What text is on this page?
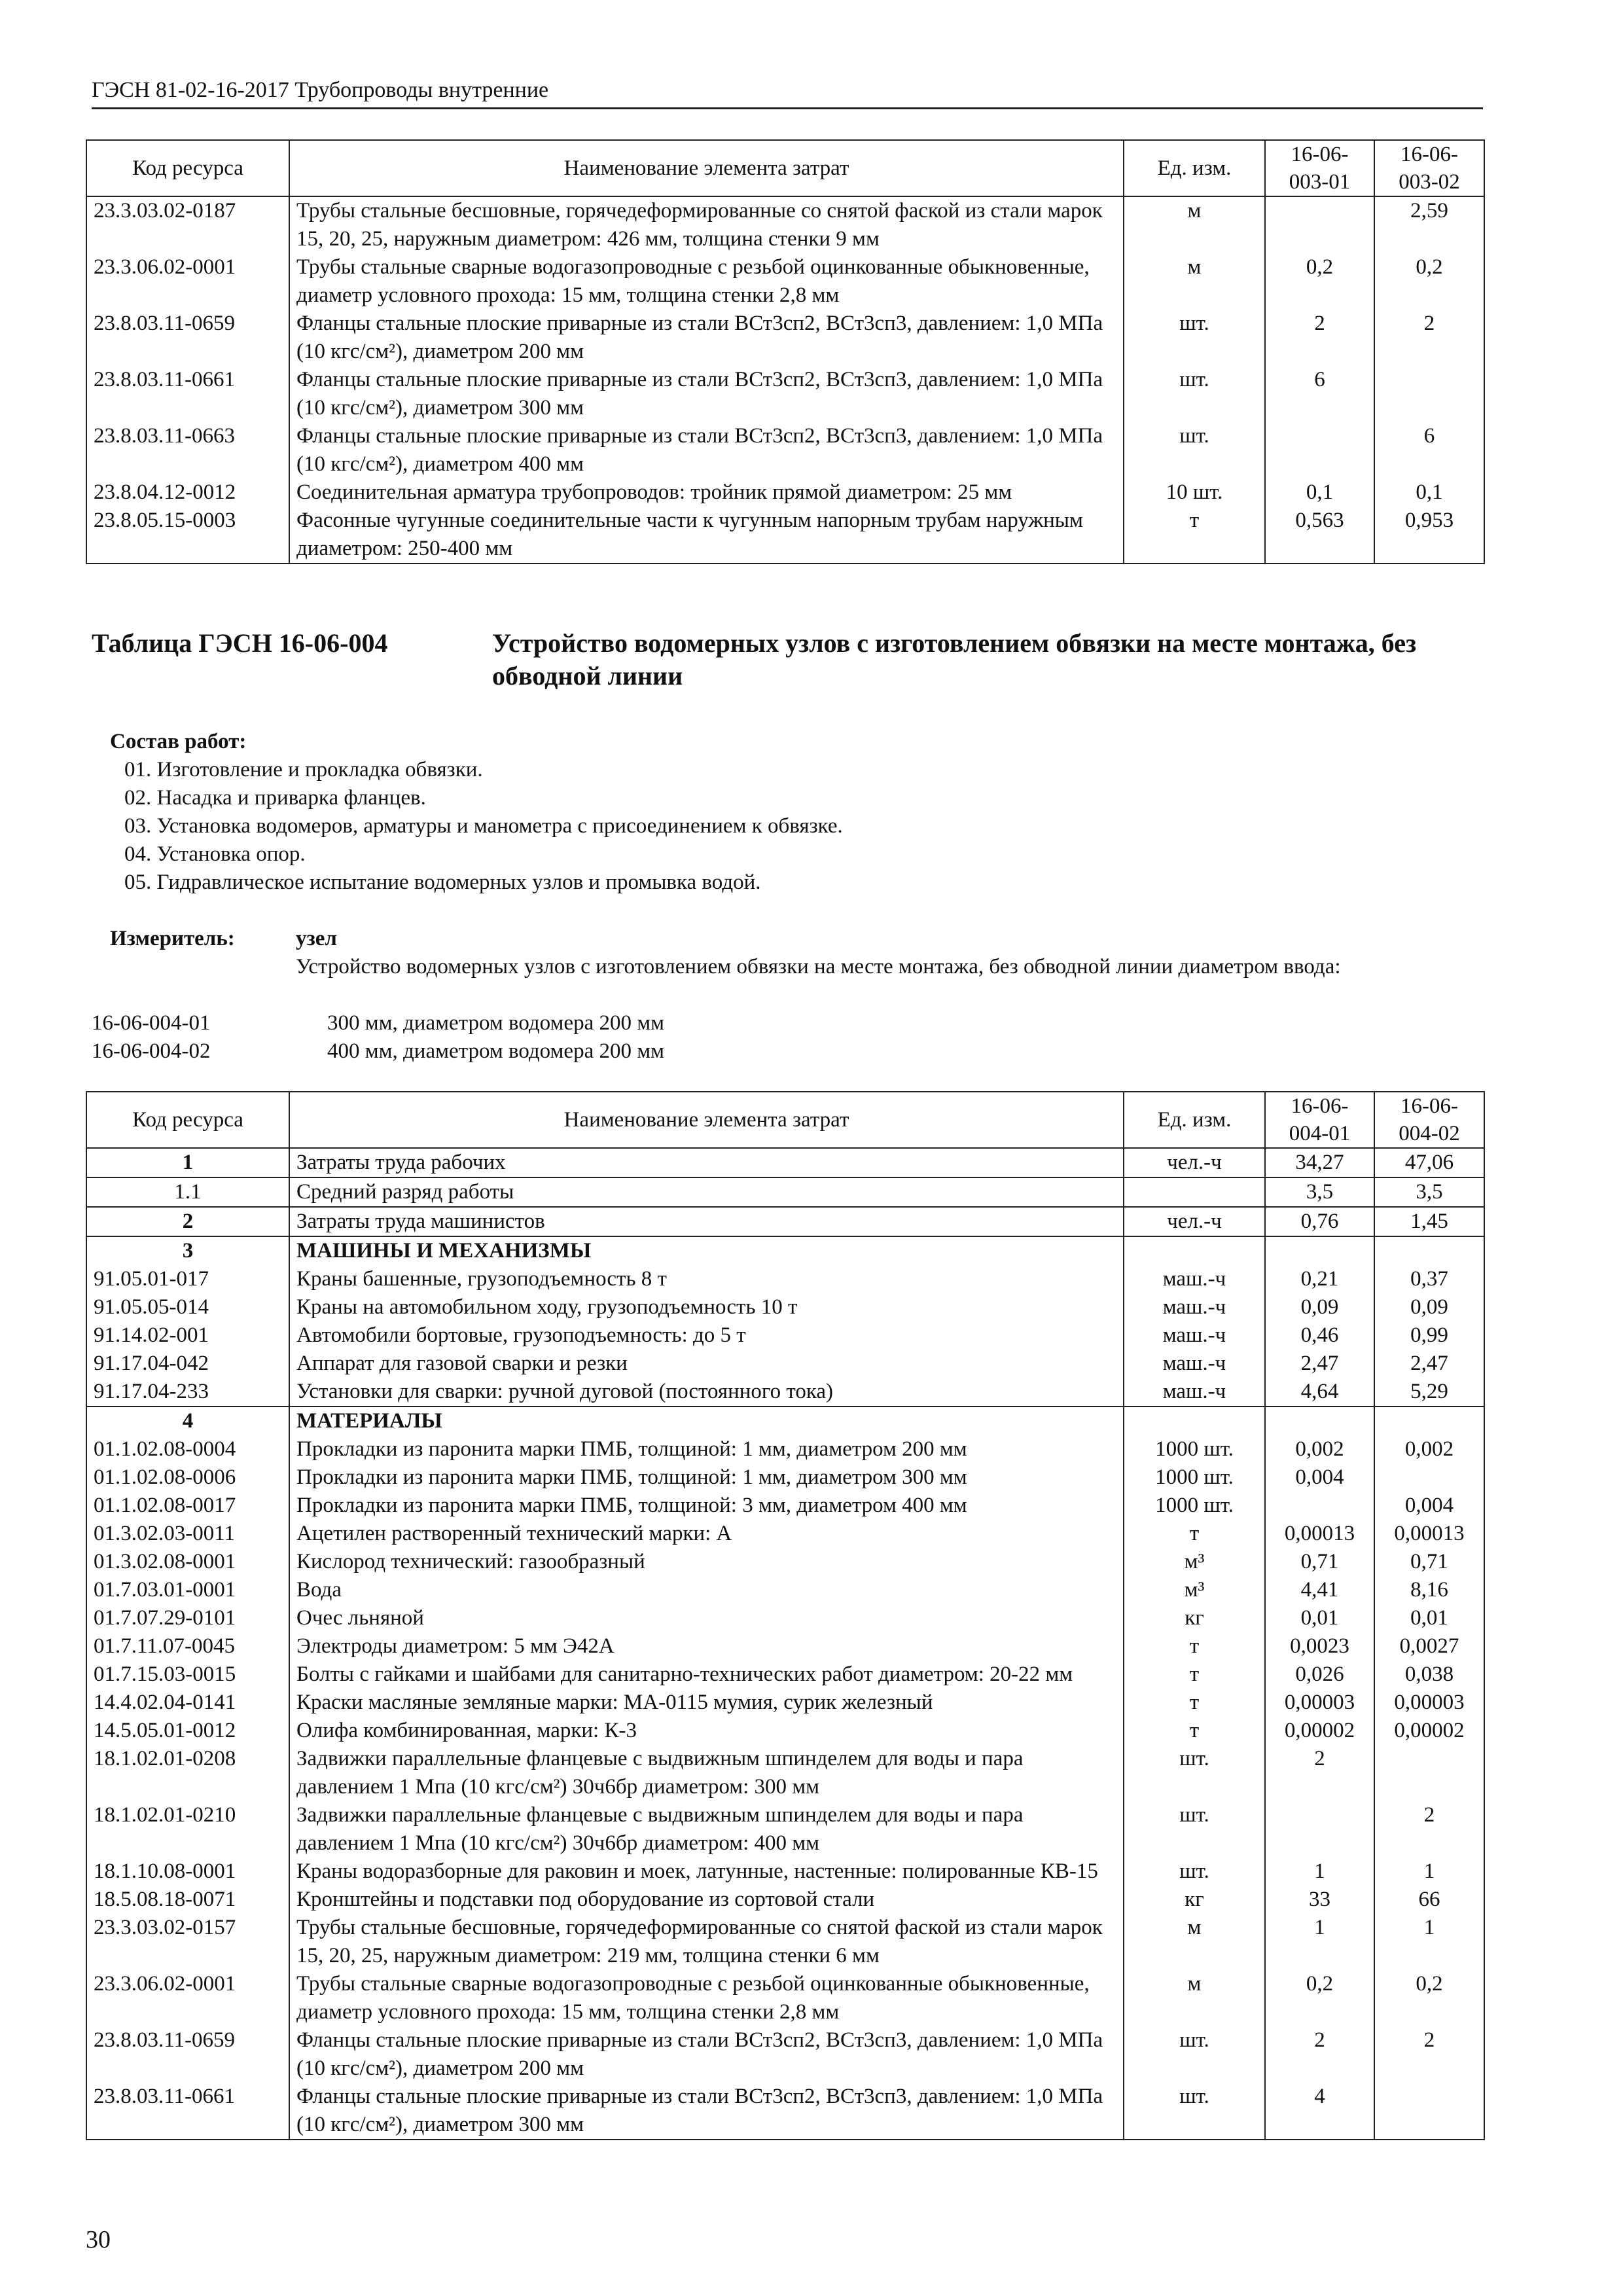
ГЭСН 81-02-16-2017 Трубопроводы внутренние
Код ресурса	Наименование элемента затрат	Ед. изм.	16-06-003-01	16-06-003-02
23.3.03.02-0187	Трубы стальные бесшовные, горячедеформированные со снятой фаской из стали марок 15, 20, 25, наружным диаметром: 426 мм, толщина стенки 9 мм	м		2,59
23.3.06.02-0001	Трубы стальные сварные водогазопроводные с резьбой оцинкованные обыкновенные, диаметр условного прохода: 15 мм, толщина стенки 2,8 мм	м	0,2	0,2
23.8.03.11-0659	Фланцы стальные плоские приварные из стали ВСт3сп2, ВСт3сп3, давлением: 1,0 МПа (10 кгс/см²), диаметром 200 мм	шт.	2	2
23.8.03.11-0661	Фланцы стальные плоские приварные из стали ВСт3сп2, ВСт3сп3, давлением: 1,0 МПа (10 кгс/см²), диаметром 300 мм	шт.	6	
23.8.03.11-0663	Фланцы стальные плоские приварные из стали ВСт3сп2, ВСт3сп3, давлением: 1,0 МПа (10 кгс/см²), диаметром 400 мм	шт.		6
23.8.04.12-0012	Соединительная арматура трубопроводов: тройник прямой диаметром: 25 мм	10 шт.	0,1	0,1
23.8.05.15-0003	Фасонные чугунные соединительные части к чугунным напорным трубам наружным диаметром: 250-400 мм	т	0,563	0,953
Таблица ГЭСН 16-06-004	Устройство водомерных узлов с изготовлением обвязки на месте монтажа, без обводной линии
Состав работ:
01. Изготовление и прокладка обвязки.
02. Насадка и приварка фланцев.
03. Установка водомеров, арматуры и манометра с присоединением к обвязке.
04. Установка опор.
05. Гидравлическое испытание водомерных узлов и промывка водой.
Измеритель:	узел
Устройство водомерных узлов с изготовлением обвязки на месте монтажа, без обводной линии диаметром ввода:
16-06-004-01	300 мм, диаметром водомера 200 мм
16-06-004-02	400 мм, диаметром водомера 200 мм
Код ресурса	Наименование элемента затрат	Ед. изм.	16-06-004-01	16-06-004-02
1	Затраты труда рабочих	чел.-ч	34,27	47,06
1.1	Средний разряд работы		3,5	3,5
2	Затраты труда машинистов	чел.-ч	0,76	1,45
3	МАШИНЫ И МЕХАНИЗМЫ			
91.05.01-017	Краны башенные, грузоподъемность 8 т	маш.-ч	0,21	0,37
91.05.05-014	Краны на автомобильном ходу, грузоподъемность 10 т	маш.-ч	0,09	0,09
91.14.02-001	Автомобили бортовые, грузоподъемность: до 5 т	маш.-ч	0,46	0,99
91.17.04-042	Аппарат для газовой сварки и резки	маш.-ч	2,47	2,47
91.17.04-233	Установки для сварки: ручной дуговой (постоянного тока)	маш.-ч	4,64	5,29
4	МАТЕРИАЛЫ			
01.1.02.08-0004	Прокладки из паронита марки ПМБ, толщиной: 1 мм, диаметром 200 мм	1000 шт.	0,002	0,002
01.1.02.08-0006	Прокладки из паронита марки ПМБ, толщиной: 1 мм, диаметром 300 мм	1000 шт.	0,004	
01.1.02.08-0017	Прокладки из паронита марки ПМБ, толщиной: 3 мм, диаметром 400 мм	1000 шт.		0,004
01.3.02.03-0011	Ацетилен растворенный технический марки: А	т	0,00013	0,00013
01.3.02.08-0001	Кислород технический: газообразный	м³	0,71	0,71
01.7.03.01-0001	Вода	м³	4,41	8,16
01.7.07.29-0101	Очес льняной	кг	0,01	0,01
01.7.11.07-0045	Электроды диаметром: 5 мм Э42А	т	0,0023	0,0027
01.7.15.03-0015	Болты с гайками и шайбами для санитарно-технических работ диаметром: 20-22 мм	т	0,026	0,038
14.4.02.04-0141	Краски масляные земляные марки: МА-0115 мумия, сурик железный	т	0,00003	0,00003
14.5.05.01-0012	Олифа комбинированная, марки: К-3	т	0,00002	0,00002
18.1.02.01-0208	Задвижки параллельные фланцевые с выдвижным шпинделем для воды и пара давлением 1 Мпа (10 кгс/см²) 30ч6бр диаметром: 300 мм	шт.	2	
18.1.02.01-0210	Задвижки параллельные фланцевые с выдвижным шпинделем для воды и пара давлением 1 Мпа (10 кгс/см²) 30ч6бр диаметром: 400 мм	шт.		2
18.1.10.08-0001	Краны водоразборные для раковин и моек, латунные, настенные: полированные КВ-15	шт.	1	1
18.5.08.18-0071	Кронштейны и подставки под оборудование из сортовой стали	кг	33	66
23.3.03.02-0157	Трубы стальные бесшовные, горячедеформированные со снятой фаской из стали марок 15, 20, 25, наружным диаметром: 219 мм, толщина стенки 6 мм	м	1	1
23.3.06.02-0001	Трубы стальные сварные водогазопроводные с резьбой оцинкованные обыкновенные, диаметр условного прохода: 15 мм, толщина стенки 2,8 мм	м	0,2	0,2
23.8.03.11-0659	Фланцы стальные плоские приварные из стали ВСт3сп2, ВСт3сп3, давлением: 1,0 МПа (10 кгс/см²), диаметром 200 мм	шт.	2	2
23.8.03.11-0661	Фланцы стальные плоские приварные из стали ВСт3сп2, ВСт3сп3, давлением: 1,0 МПа (10 кгс/см²), диаметром 300 мм	шт.	4	
30
